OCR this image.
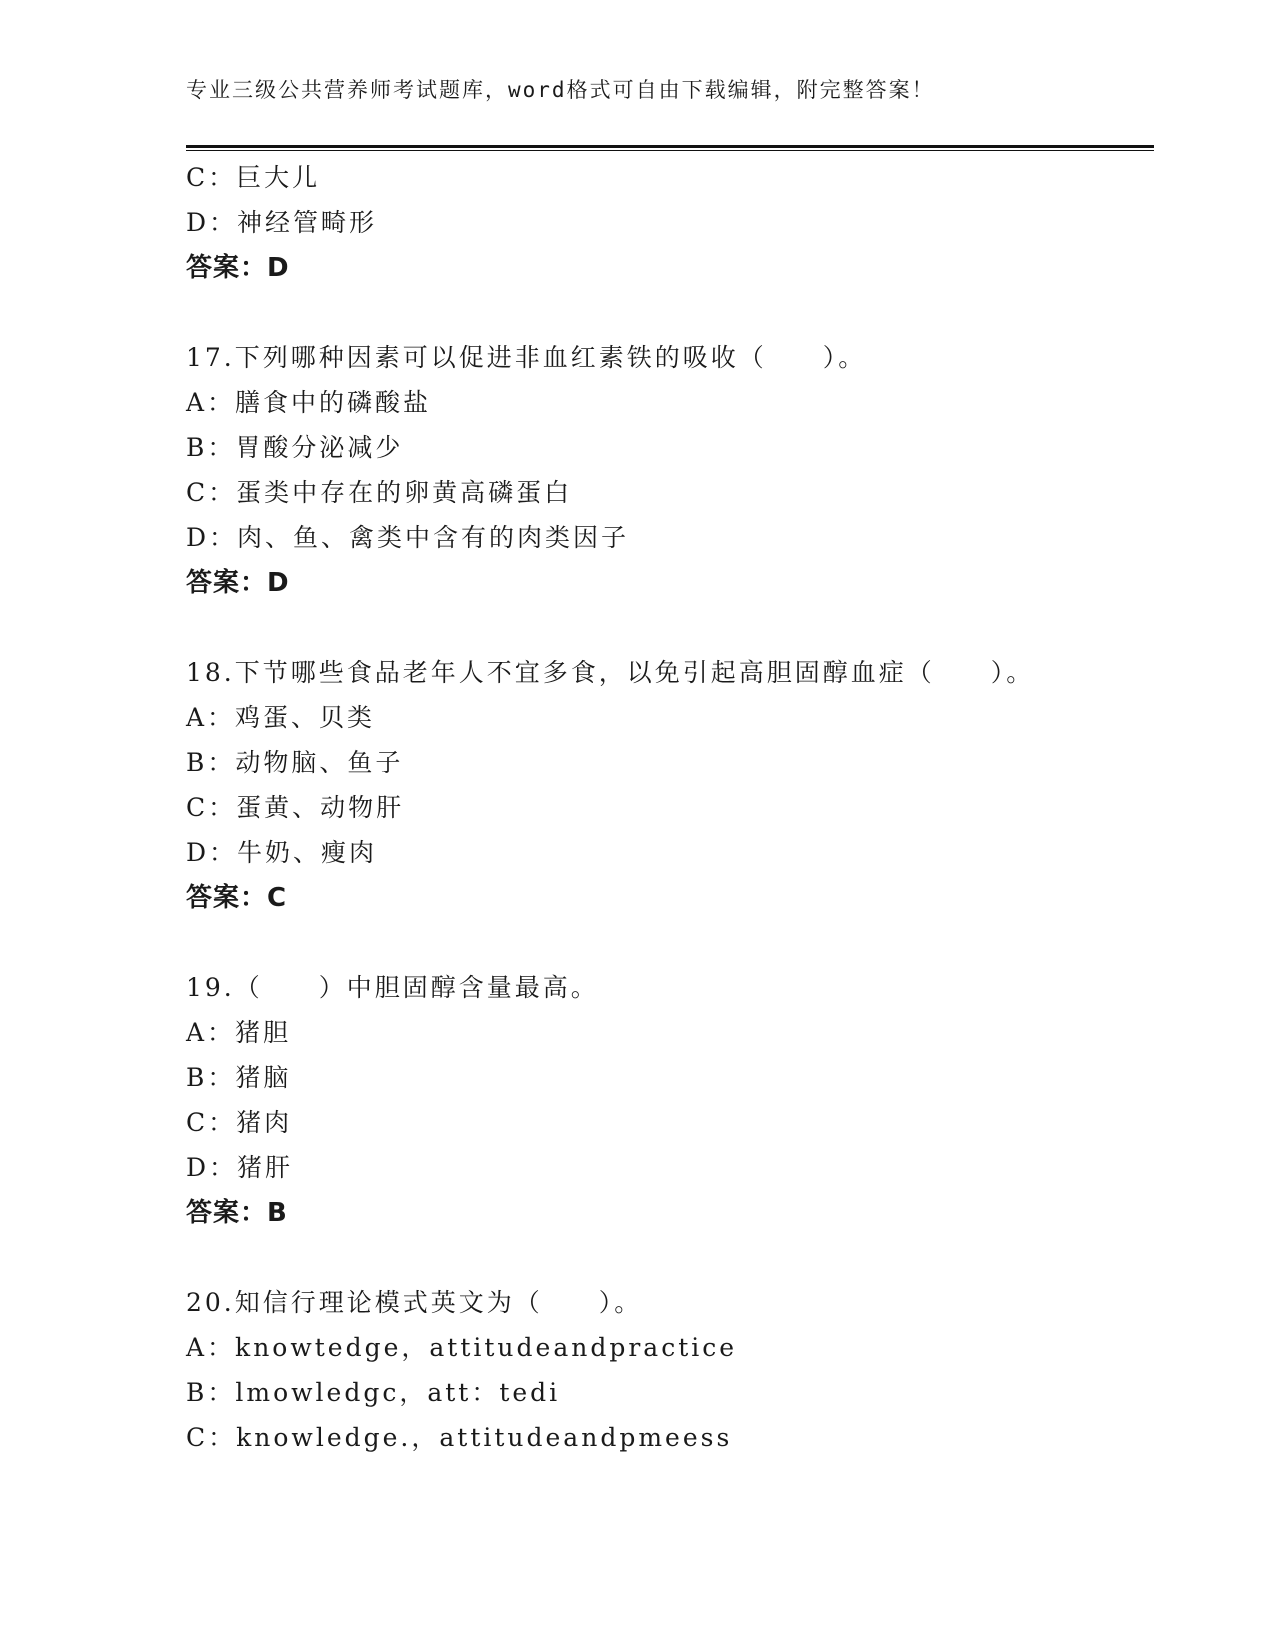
专业三级公共营养师考试题库，word格式可自由下载编辑，附完整答案！
C：巨大儿
D：神经管畸形
答案：D
17.下列哪种因素可以促进非血红素铁的吸收（　　）。
A：膳食中的磷酸盐
B：胃酸分泌减少
C：蛋类中存在的卵黄高磷蛋白
D：肉、鱼、禽类中含有的肉类因子
答案：D
18.下节哪些食品老年人不宜多食，以免引起高胆固醇血症（　　）。
A：鸡蛋、贝类
B：动物脑、鱼子
C：蛋黄、动物肝
D：牛奶、瘦肉
答案：C
19.（　　）中胆固醇含量最高。
A：猪胆
B：猪脑
C：猪肉
D：猪肝
答案：B
20.知信行理论模式英文为（　　）。
A：knowtedge，attitudeandpractice
B：lmowledgc，att：tedi
C：knowledge.，attitudeandpmeess
